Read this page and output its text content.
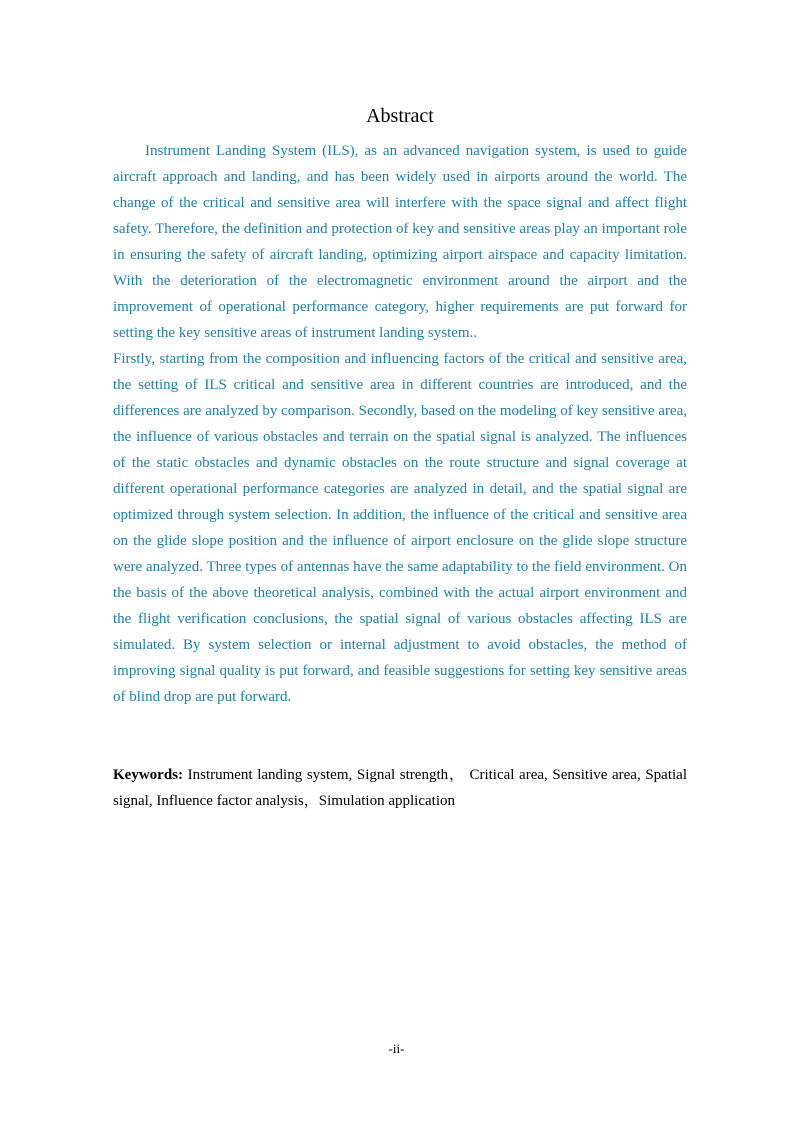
Abstract

Instrument Landing System (ILS), as an advanced navigation system, is used to guide aircraft approach and landing, and has been widely used in airports around the world. The change of the critical and sensitive area will interfere with the space signal and affect flight safety. Therefore, the definition and protection of key and sensitive areas play an important role in ensuring the safety of aircraft landing, optimizing airport airspace and capacity limitation. With the deterioration of the electromagnetic environment around the airport and the improvement of operational performance category, higher requirements are put forward for setting the key sensitive areas of instrument landing system..

Firstly, starting from the composition and influencing factors of the critical and sensitive area, the setting of ILS critical and sensitive area in different countries are introduced, and the differences are analyzed by comparison. Secondly, based on the modeling of key sensitive area, the influence of various obstacles and terrain on the spatial signal is analyzed. The influences of the static obstacles and dynamic obstacles on the route structure and signal coverage at different operational performance categories are analyzed in detail, and the spatial signal are optimized through system selection. In addition, the influence of the critical and sensitive area on the glide slope position and the influence of airport enclosure on the glide slope structure were analyzed. Three types of antennas have the same adaptability to the field environment. On the basis of the above theoretical analysis, combined with the actual airport environment and the flight verification conclusions, the spatial signal of various obstacles affecting ILS are simulated. By system selection or internal adjustment to avoid obstacles, the method of improving signal quality is put forward, and feasible suggestions for setting key sensitive areas of blind drop are put forward.

Keywords: Instrument landing system, Signal strength， Critical area, Sensitive area, Spatial signal, Influence factor analysis，Simulation application
-ii-
